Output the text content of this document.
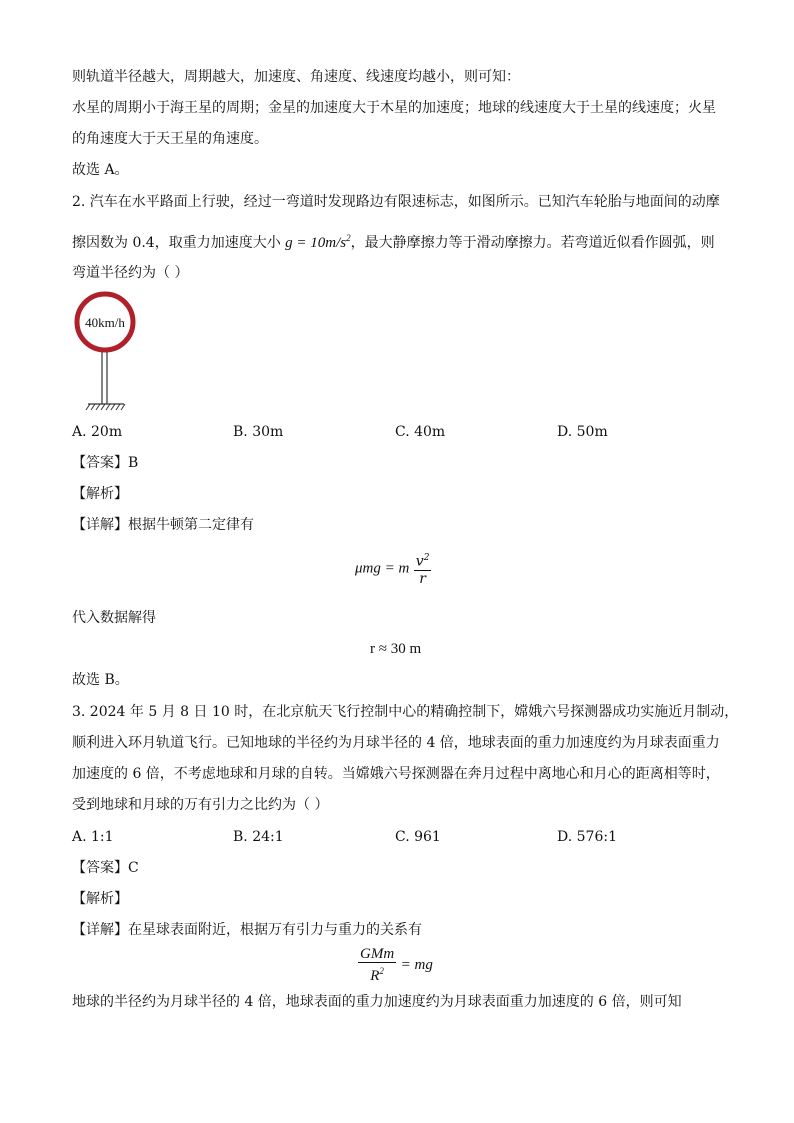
则轨道半径越大，周期越大，加速度、角速度、线速度均越小，则可知：
水星的周期小于海王星的周期；金星的加速度大于木星的加速度；地球的线速度大于土星的线速度；火星
的角速度大于天王星的角速度。
故选 A。
2. 汽车在水平路面上行驶，经过一弯道时发现路边有限速标志，如图所示。已知汽车轮胎与地面间的动摩
擦因数为 0.4，取重力加速度大小 $g = 10m/s^2$，最大静摩擦力等于滑动摩擦力。若弯道近似看作圆弧，则
弯道半径约为（ ）
40km/h
A. 20m	B. 30m	C. 40m	D. 50m
【答案】B
【解析】
【详解】根据牛顿第二定律有
μmg = m $\frac{v^2}{r}$
代入数据解得
r ≈ 30 m
故选 B。
3. 2024 年 5 月 8 日 10 时，在北京航天飞行控制中心的精确控制下，嫦娥六号探测器成功实施近月制动，
顺利进入环月轨道飞行。已知地球的半径约为月球半径的 4 倍，地球表面的重力加速度约为月球表面重力
加速度的 6 倍，不考虑地球和月球的自转。当嫦娥六号探测器在奔月过程中离地心和月心的距离相等时，
受到地球和月球的万有引力之比约为（ ）
A. 1:1	B. 24:1	C. 961	D. 576:1
【答案】C
【解析】
【详解】在星球表面附近，根据万有引力与重力的关系有
$\frac{\text{GMm}}{R^2}$ = mg
地球的半径约为月球半径的 4 倍，地球表面的重力加速度约为月球表面重力加速度的 6 倍，则可知
